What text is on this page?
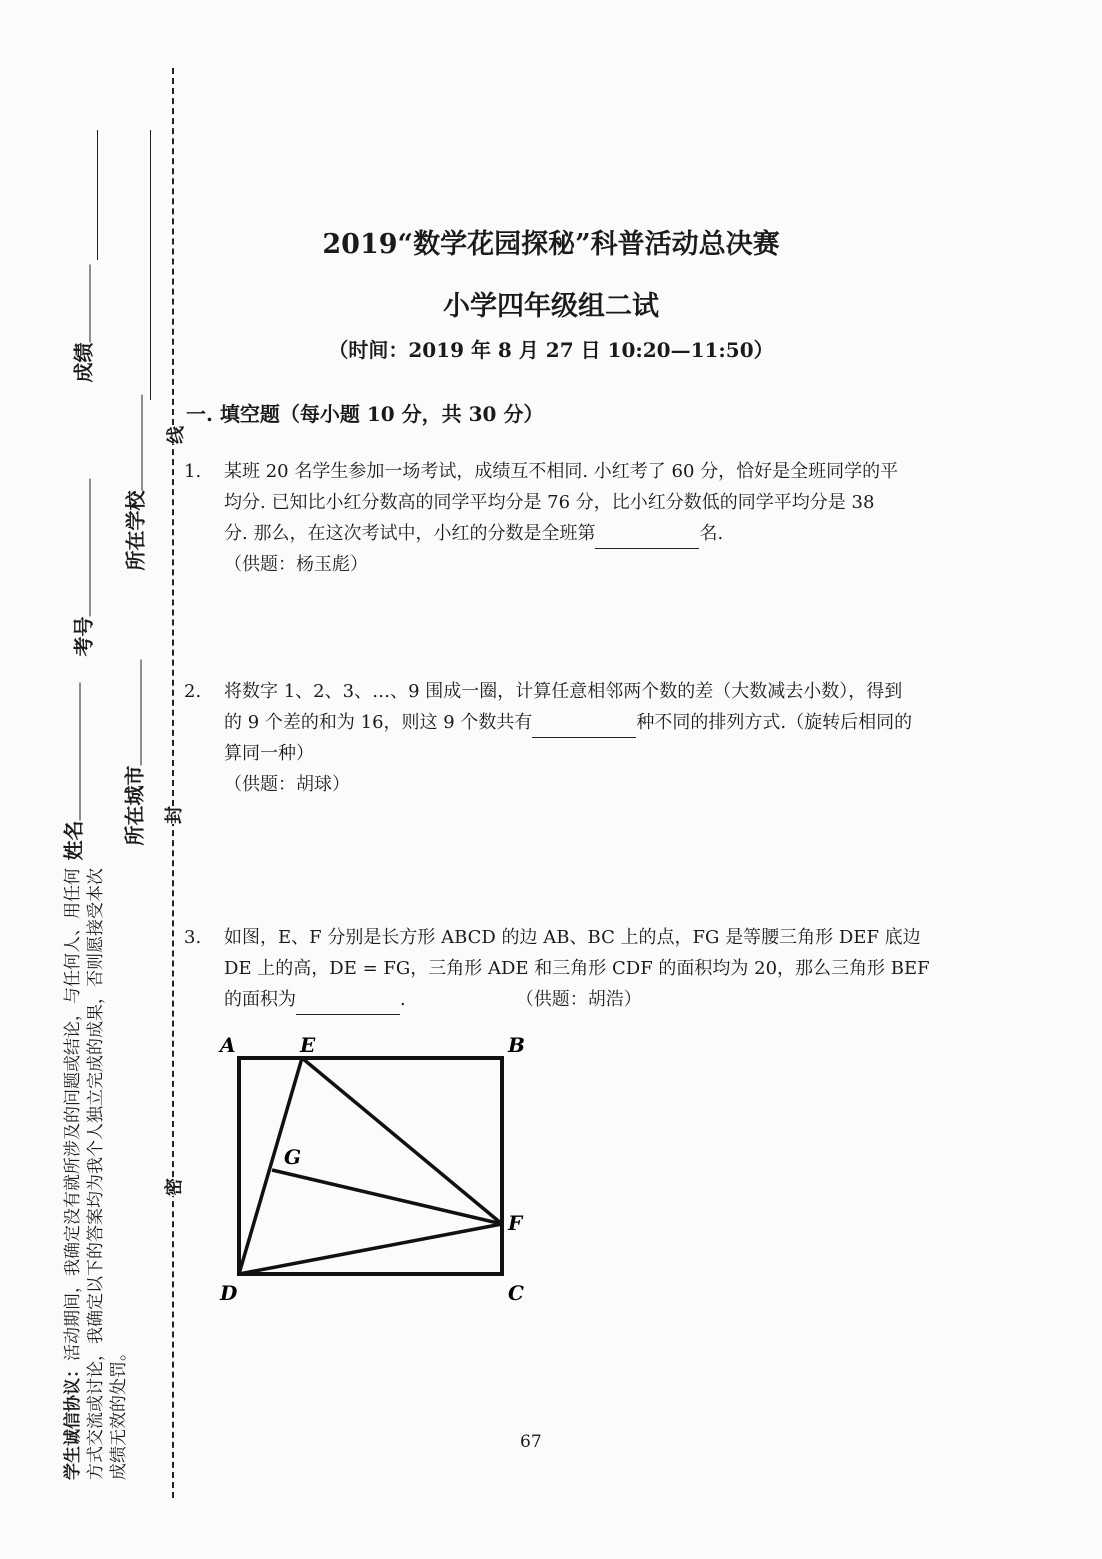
线
封
密
成绩
考号
姓名
所在学校
所在城市
学生诚信协议：活动期间，我确定没有就所涉及的问题或结论，与任何人、用任何方式交流或讨论，我确定以下的答案均为我个人独立完成的成果，否则愿接受本次成绩无效的处罚。
2019“数学花园探秘”科普活动总决赛
小学四年级组二试
（时间：2019 年 8 月 27 日 10:20—11:50）
一. 填空题（每小题 10 分，共 30 分）
1. 某班 20 名学生参加一场考试，成绩互不相同. 小红考了 60 分，恰好是全班同学的平
均分. 已知比小红分数高的同学平均分是 76 分，比小红分数低的同学平均分是 38
分. 那么，在这次考试中，小红的分数是全班第	名.
（供题：杨玉彪）
2. 将数字 1、2、3、…、9 围成一圈，计算任意相邻两个数的差（大数减去小数），得到
的 9 个差的和为 16，则这 9 个数共有	种不同的排列方式.（旋转后相同的
算同一种）
（供题：胡球）
3. 如图，E、F 分别是长方形 ABCD 的边 AB、BC 上的点，FG 是等腰三角形 DEF 底边
DE 上的高，DE = FG，三角形 ADE 和三角形 CDF 的面积均为 20，那么三角形 BEF
的面积为	.	（供题：胡浩）
A	E	B
G
F
D	C
67
